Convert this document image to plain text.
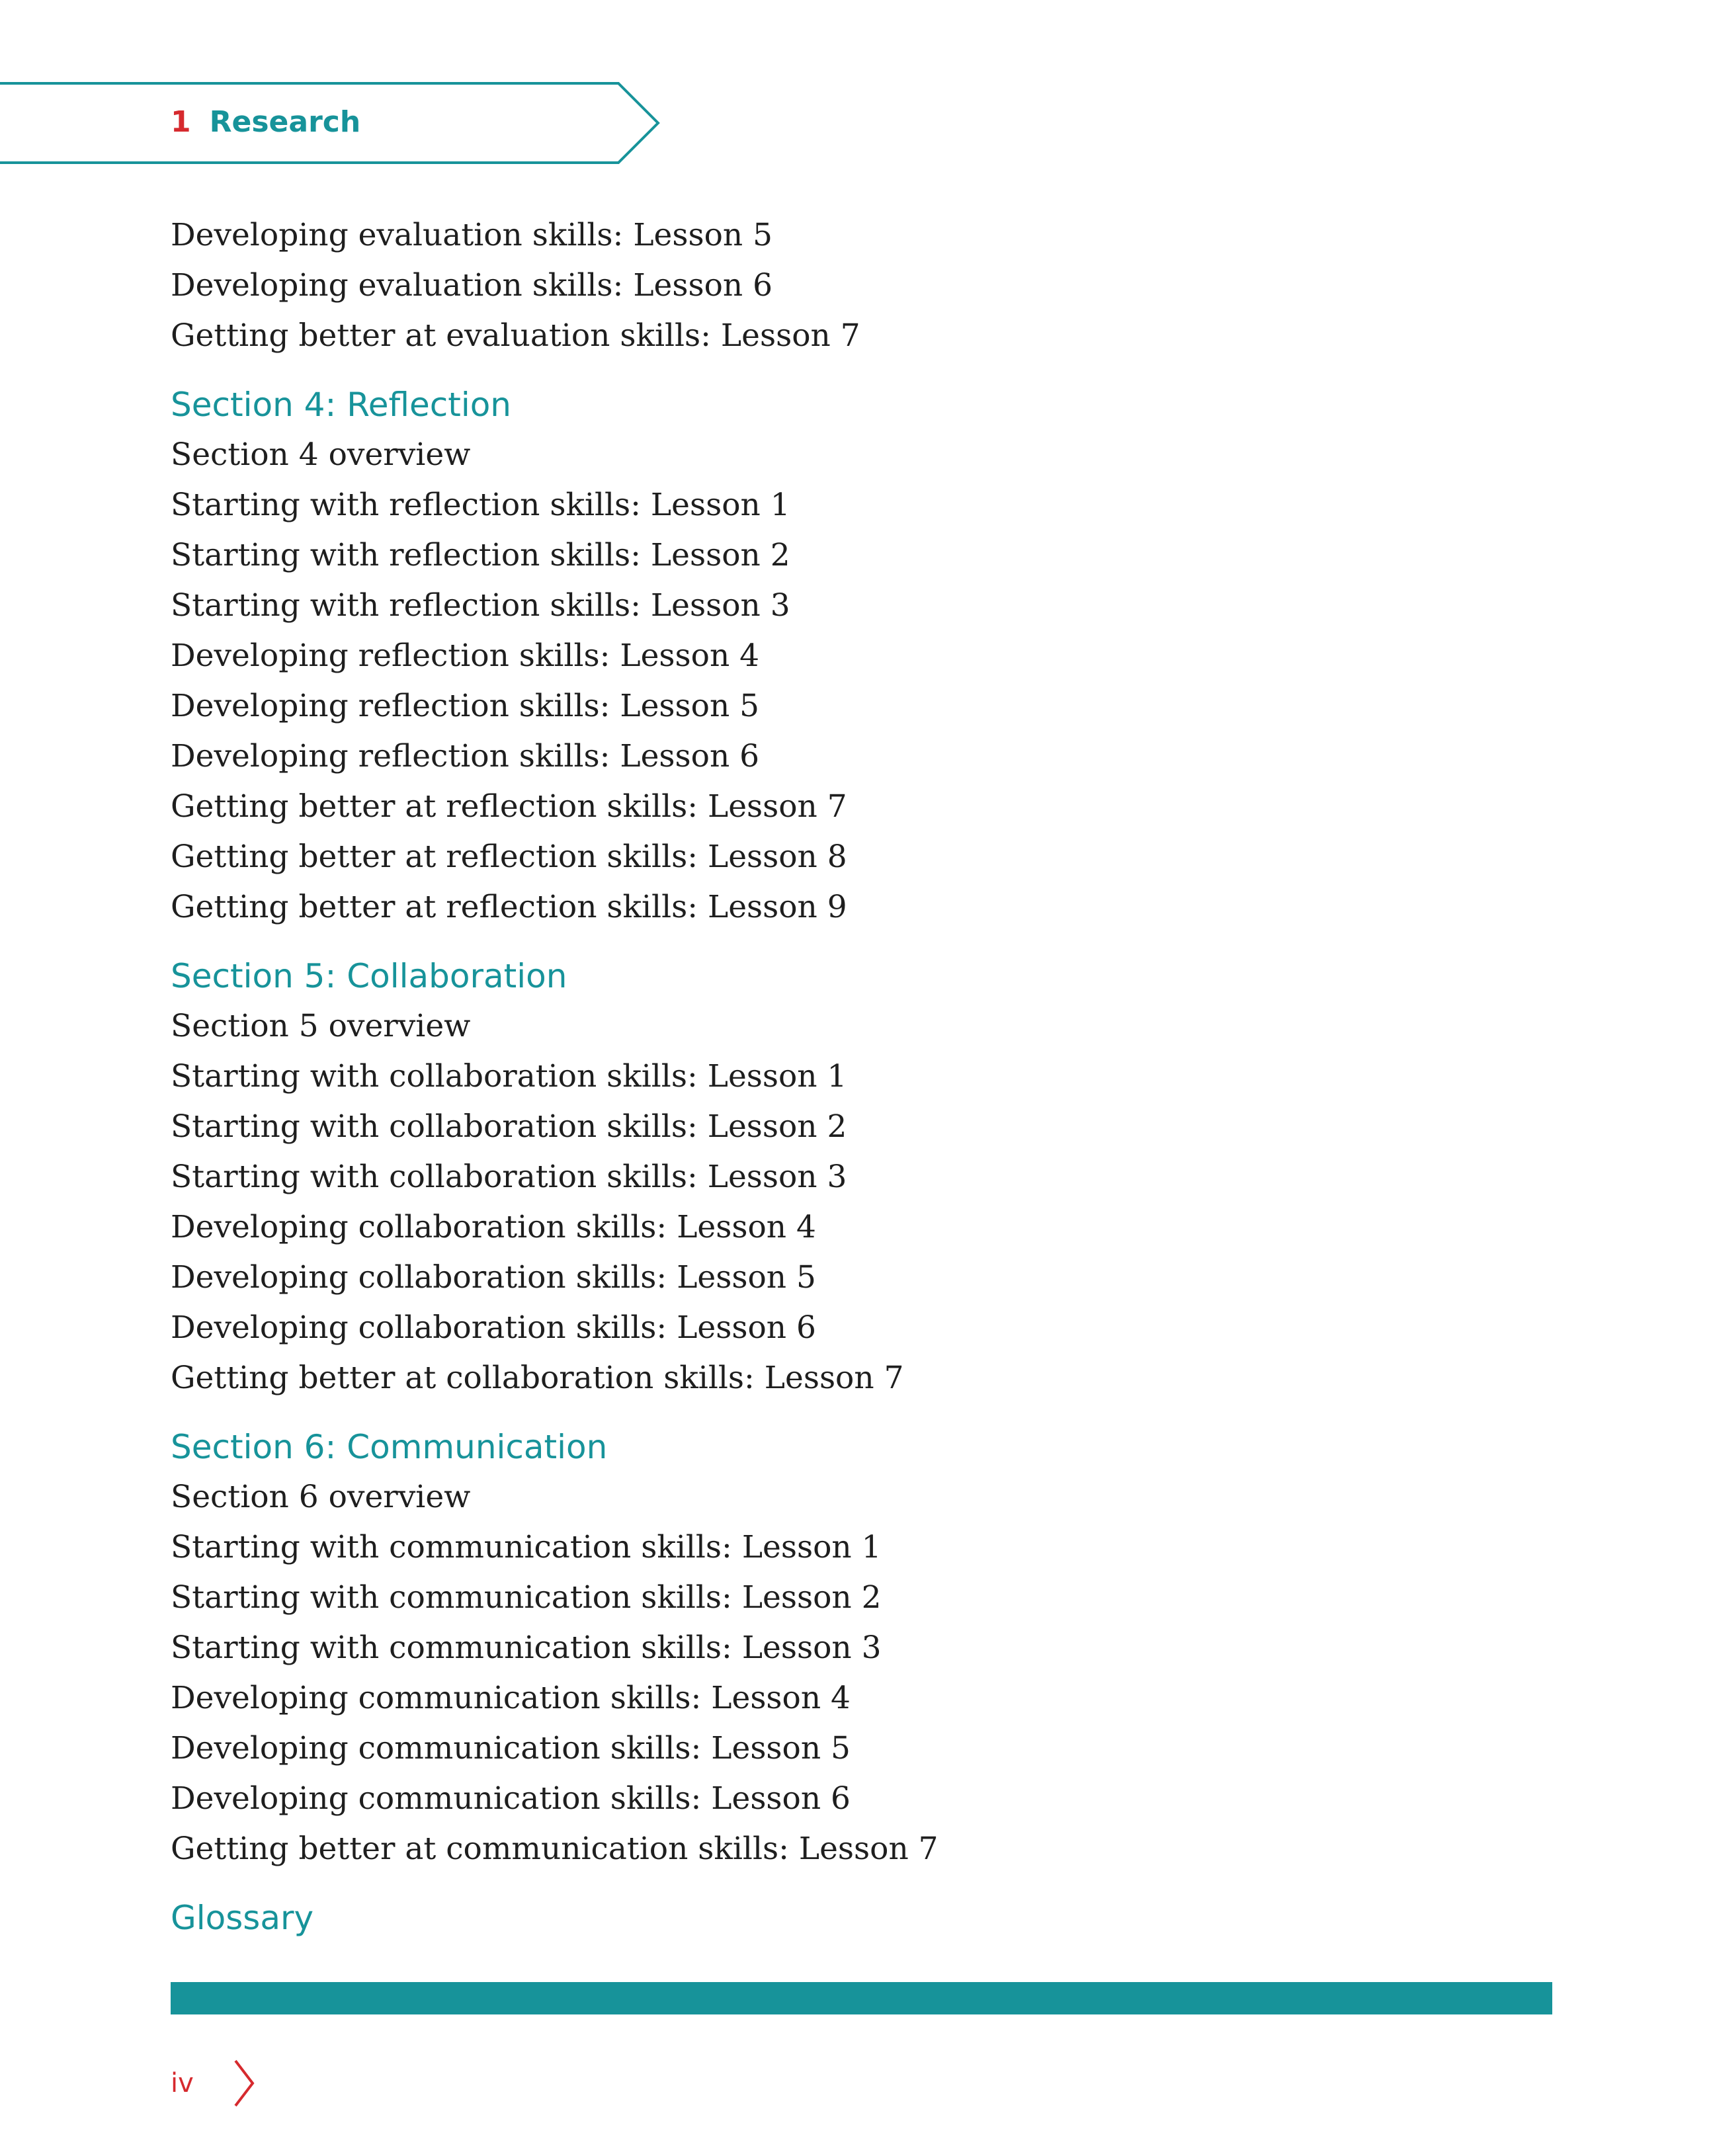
1 Research
Developing evaluation skills: Lesson 5
Developing evaluation skills: Lesson 6
Getting better at evaluation skills: Lesson 7
Section 4: Reflection
Section 4 overview
Starting with reflection skills: Lesson 1
Starting with reflection skills: Lesson 2
Starting with reflection skills: Lesson 3
Developing reflection skills: Lesson 4
Developing reflection skills: Lesson 5
Developing reflection skills: Lesson 6
Getting better at reflection skills: Lesson 7
Getting better at reflection skills: Lesson 8
Getting better at reflection skills: Lesson 9
Section 5: Collaboration
Section 5 overview
Starting with collaboration skills: Lesson 1
Starting with collaboration skills: Lesson 2
Starting with collaboration skills: Lesson 3
Developing collaboration skills: Lesson 4
Developing collaboration skills: Lesson 5
Developing collaboration skills: Lesson 6
Getting better at collaboration skills: Lesson 7
Section 6: Communication
Section 6 overview
Starting with communication skills: Lesson 1
Starting with communication skills: Lesson 2
Starting with communication skills: Lesson 3
Developing communication skills: Lesson 4
Developing communication skills: Lesson 5
Developing communication skills: Lesson 6
Getting better at communication skills: Lesson 7
Glossary
iv
